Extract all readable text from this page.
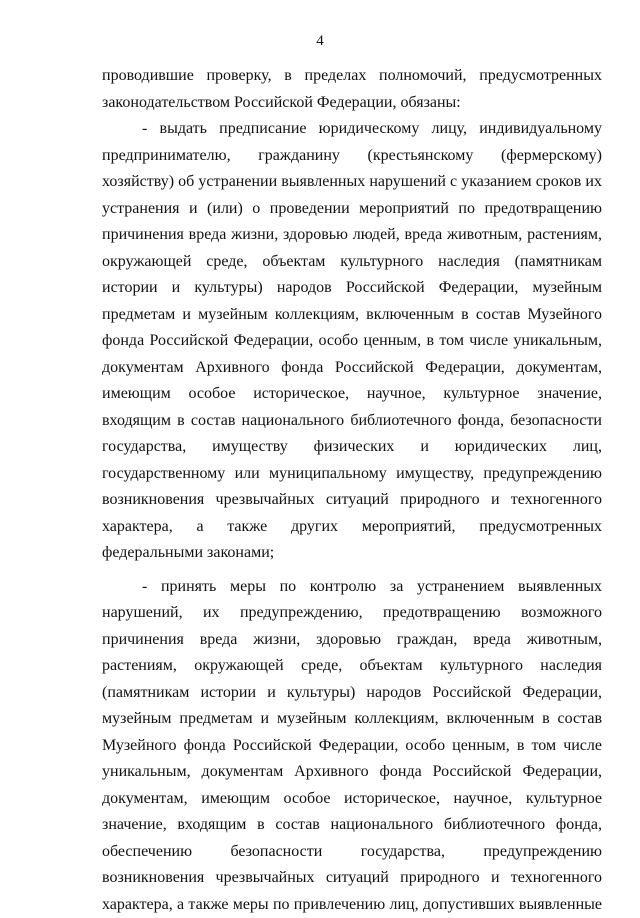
4

проводившие проверку, в пределах полномочий, предусмотренных законодательством Российской Федерации, обязаны:

- выдать предписание юридическому лицу, индивидуальному предпринимателю, гражданину (крестьянскому (фермерскому) хозяйству) об устранении выявленных нарушений с указанием сроков их устранения и (или) о проведении мероприятий по предотвращению причинения вреда жизни, здоровью людей, вреда животным, растениям, окружающей среде, объектам культурного наследия (памятникам истории и культуры) народов Российской Федерации, музейным предметам и музейным коллекциям, включенным в состав Музейного фонда Российской Федерации, особо ценным, в том числе уникальным, документам Архивного фонда Российской Федерации, документам, имеющим особое историческое, научное, культурное значение, входящим в состав национального библиотечного фонда, безопасности государства, имуществу физических и юридических лиц, государственному или муниципальному имуществу, предупреждению возникновения чрезвычайных ситуаций природного и техногенного характера, а также других мероприятий, предусмотренных федеральными законами;

- принять меры по контролю за устранением выявленных нарушений, их предупреждению, предотвращению возможного причинения вреда жизни, здоровью граждан, вреда животным, растениям, окружающей среде, объектам культурного наследия (памятникам истории и культуры) народов Российской Федерации, музейным предметам и музейным коллекциям, включенным в состав Музейного фонда Российской Федерации, особо ценным, в том числе уникальным, документам Архивного фонда Российской Федерации, документам, имеющим особое историческое, научное, культурное значение, входящим в состав национального библиотечного фонда, обеспечению безопасности государства, предупреждению возникновения чрезвычайных ситуаций природного и техногенного характера, а также меры по привлечению лиц, допустивших выявленные
